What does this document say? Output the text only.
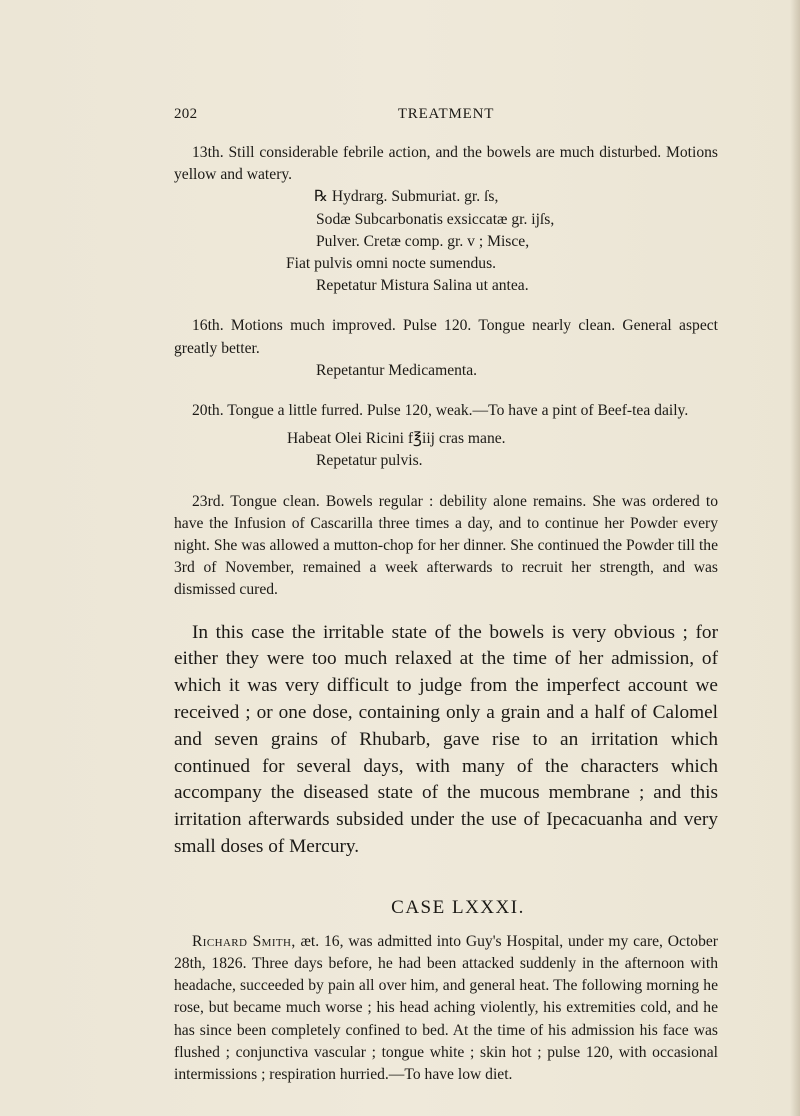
202	TREATMENT

13th. Still considerable febrile action, and the bowels are much disturbed. Motions yellow and watery.

℞ Hydrarg. Submuriat. gr. ſs,
Sodæ Subcarbonatis exsiccatæ gr. ijſs,
Pulver. Cretæ comp. gr. v ; Misce,
Fiat pulvis omni nocte sumendus.
Repetatur Mistura Salina ut antea.

16th. Motions much improved. Pulse 120. Tongue nearly clean. General aspect greatly better.

Repetantur Medicamenta.

20th. Tongue a little furred. Pulse 120, weak.—To have a pint of Beef-tea daily.

Habeat Olei Ricini f℥iij cras mane.
Repetatur pulvis.

23rd. Tongue clean. Bowels regular : debility alone remains. She was ordered to have the Infusion of Cascarilla three times a day, and to continue her Powder every night. She was allowed a mutton-chop for her dinner. She continued the Powder till the 3rd of November, remained a week afterwards to recruit her strength, and was dismissed cured.

In this case the irritable state of the bowels is very obvious ; for either they were too much relaxed at the time of her admission, of which it was very difficult to judge from the imperfect account we received ; or one dose, containing only a grain and a half of Calomel and seven grains of Rhubarb, gave rise to an irritation which continued for several days, with many of the characters which accompany the diseased state of the mucous membrane ; and this irritation afterwards subsided under the use of Ipecacuanha and very small doses of Mercury.

CASE LXXXI.

Richard Smith, æt. 16, was admitted into Guy's Hospital, under my care, October 28th, 1826. Three days before, he had been attacked suddenly in the afternoon with headache, succeeded by pain all over him, and general heat. The following morning he rose, but became much worse ; his head aching violently, his extremities cold, and he has since been completely confined to bed. At the time of his admission his face was flushed ; conjunctiva vascular ; tongue white ; skin hot ; pulse 120, with occasional intermissions ; respiration hurried.—To have low diet.
